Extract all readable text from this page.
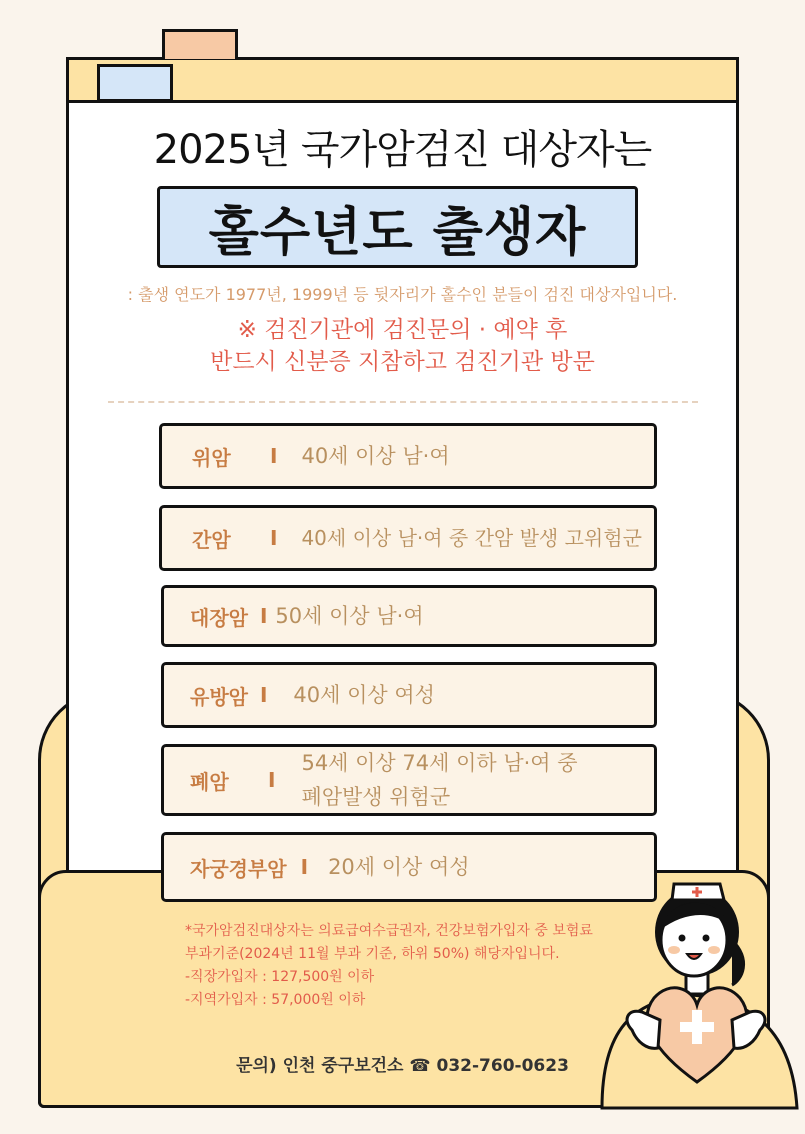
2025년 국가암검진 대상자는
홀수년도 출생자
: 출생 연도가 1977년, 1999년 등 뒷자리가 홀수인 분들이 검진 대상자입니다.
※ 검진기관에 검진문의 · 예약 후
반드시 신분증 지참하고 검진기관 방문
위암	I 40세 이상 남·여
간암	I 40세 이상 남·여 중 간암 발생 고위험군
대장암 I 50세 이상 남·여
유방암 I 40세 이상 여성
폐암	I
54세 이상 74세 이하 남·여 중
폐암발생 위험군
자궁경부암 I 20세 이상 여성
*국가암검진대상자는 의료급여수급권자, 건강보험가입자 중 보험료
부과기준(2024년 11월 부과 기준, 하위 50%) 해당자입니다.
-직장가입자 : 127,500원 이하
-지역가입자 : 57,000원 이하
문의) 인천 중구보건소 ☎ 032-760-0623
